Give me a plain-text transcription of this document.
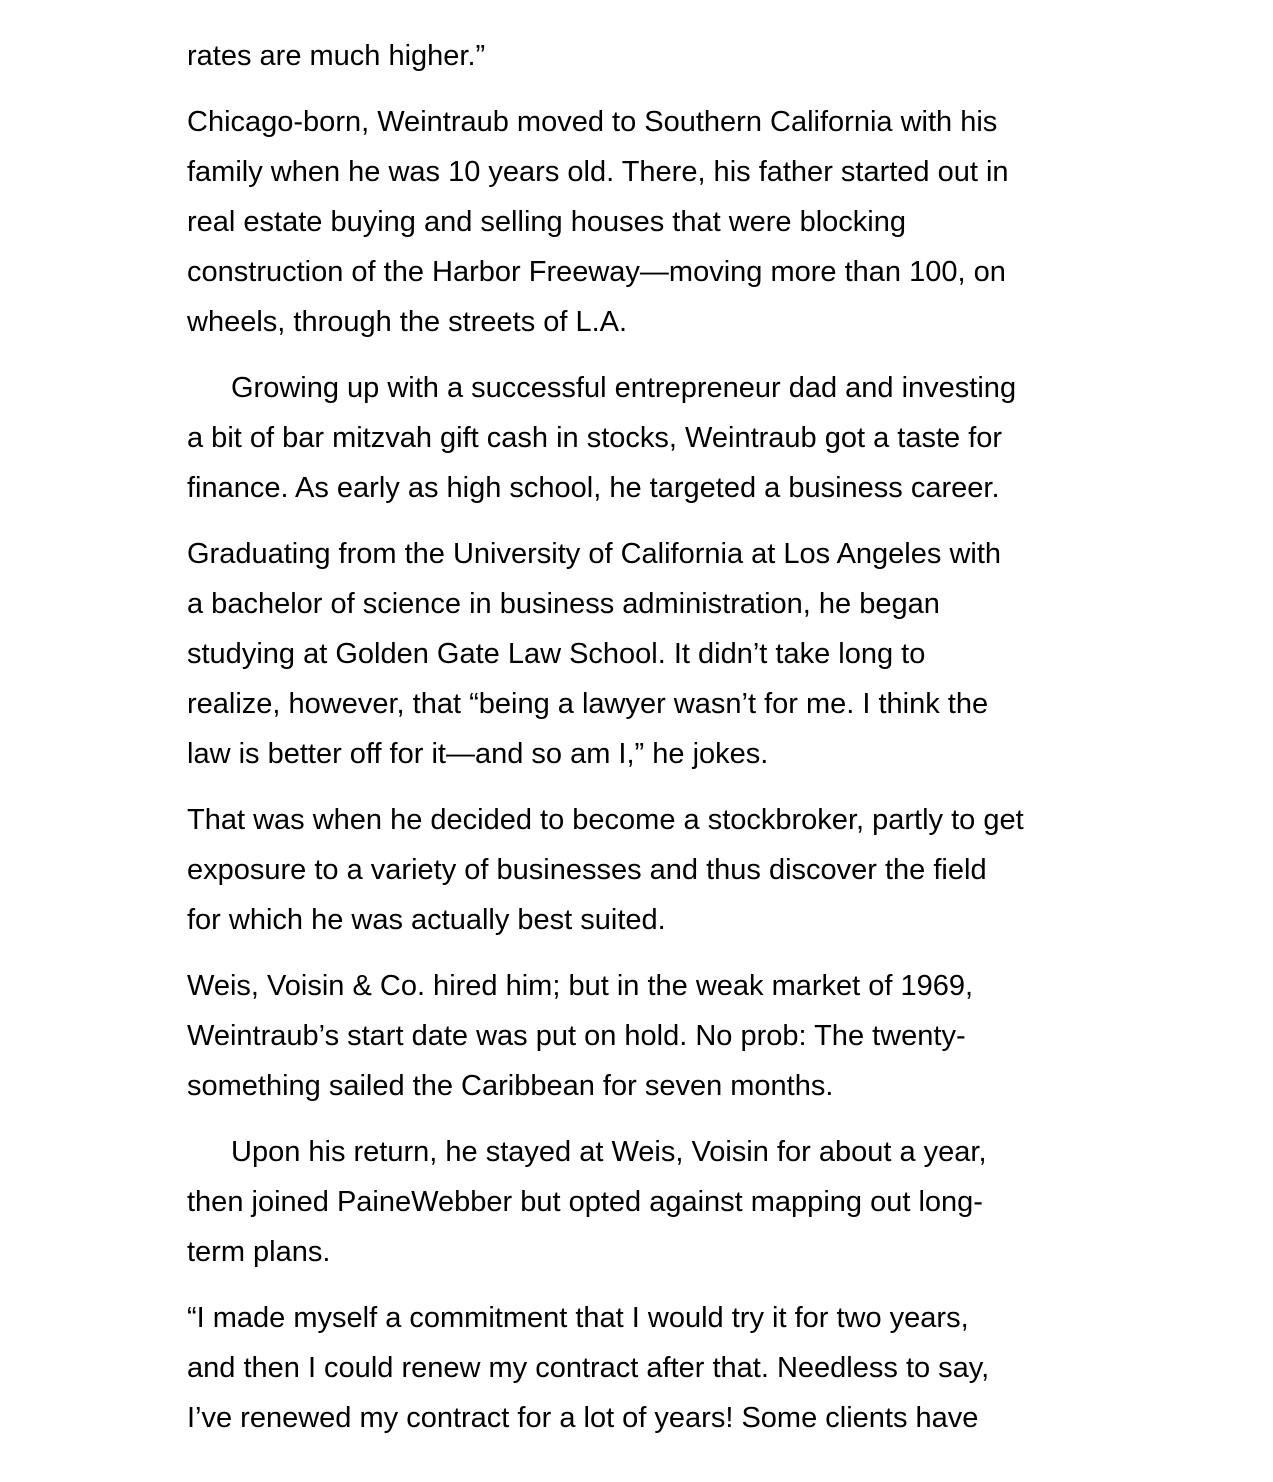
rates are much higher.”
Chicago-born, Weintraub moved to Southern California with his
family when he was 10 years old. There, his father started out in
real estate buying and selling houses that were blocking
construction of the Harbor Freeway—moving more than 100, on
wheels, through the streets of L.A.
Growing up with a successful entrepreneur dad and investing
a bit of bar mitzvah gift cash in stocks, Weintraub got a taste for
finance. As early as high school, he targeted a business career.
Graduating from the University of California at Los Angeles with
a bachelor of science in business administration, he began
studying at Golden Gate Law School. It didn’t take long to
realize, however, that “being a lawyer wasn’t for me. I think the
law is better off for it—and so am I,” he jokes.
That was when he decided to become a stockbroker, partly to get
exposure to a variety of businesses and thus discover the field
for which he was actually best suited.
Weis, Voisin & Co. hired him; but in the weak market of 1969,
Weintraub’s start date was put on hold. No prob: The twenty-
something sailed the Caribbean for seven months.
Upon his return, he stayed at Weis, Voisin for about a year,
then joined PaineWebber but opted against mapping out long-
term plans.
“I made myself a commitment that I would try it for two years,
and then I could renew my contract after that. Needless to say,
I’ve renewed my contract for a lot of years! Some clients have
